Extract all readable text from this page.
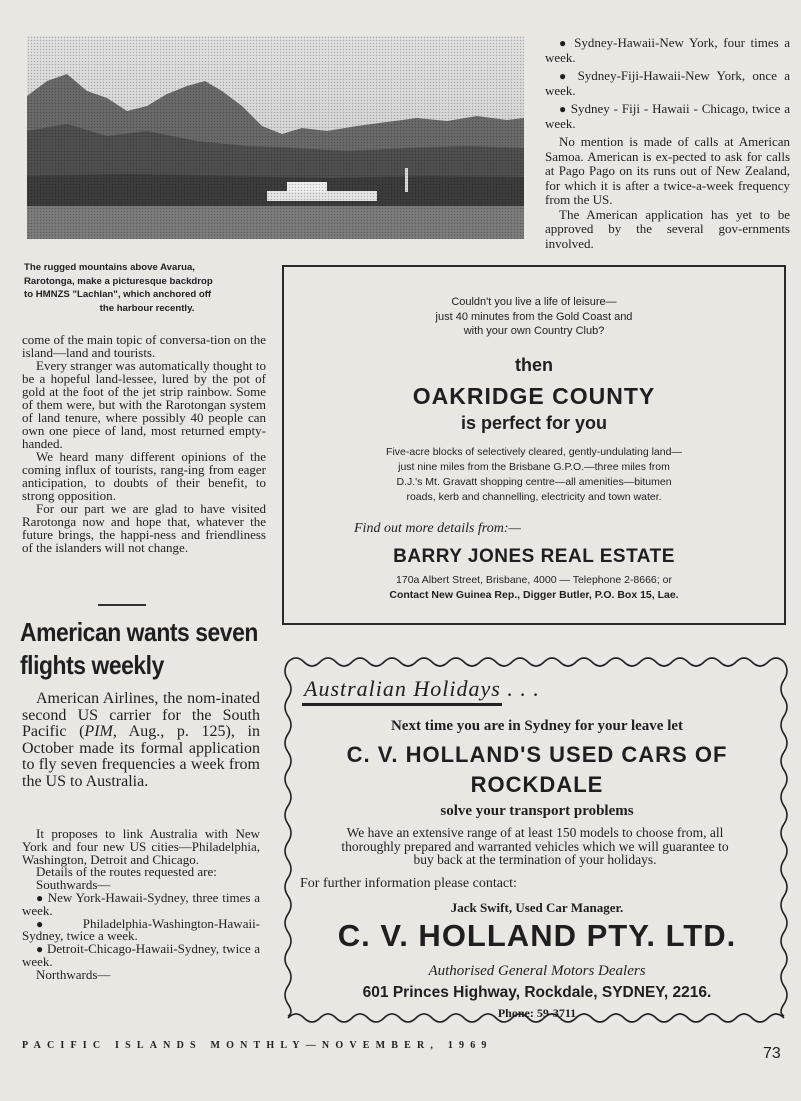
The rugged mountains above Avarua,
Rarotonga, make a picturesque backdrop
to HMNZS "Lachlan", which anchored off
the harbour recently.

come of the main topic of conversa-tion on the island—land and tourists.

Every stranger was automatically thought to be a hopeful land-lessee, lured by the pot of gold at the foot of the jet strip rainbow. Some of them were, but with the Rarotongan system of land tenure, where possibly 40 people can own one piece of land, most returned empty-handed.

We heard many different opinions of the coming influx of tourists, rang-ing from eager anticipation, to doubts of their benefit, to strong opposition.

For our part we are glad to have visited Rarotonga now and hope that, whatever the future brings, the happi-ness and friendliness of the islanders will not change.

American wants seven
flights weekly

American Airlines, the nom-inated second US carrier for the South Pacific (PIM, Aug., p. 125), in October made its formal application to fly seven frequencies a week from the US to Australia.

It proposes to link Australia with New York and four new US cities—Philadelphia, Washington, Detroit and Chicago.

Details of the routes requested are:

Southwards—

● New York-Hawaii-Sydney, three times a week.

● Philadelphia-Washington-Hawaii-Sydney, twice a week.

● Detroit-Chicago-Hawaii-Sydney, twice a week.

Northwards—

● Sydney-Hawaii-New York, four times a week.

● Sydney-Fiji-Hawaii-New York, once a week.

● Sydney - Fiji - Hawaii - Chicago, twice a week.

No mention is made of calls at American Samoa. American is ex-pected to ask for calls at Pago Pago on its runs out of New Zealand, for which it is after a twice-a-week frequency from the US.

The American application has yet to be approved by the several gov-ernments involved.

Couldn't you live a life of leisure—
just 40 minutes from the Gold Coast and
with your own Country Club?
then
OAKRIDGE COUNTY
is perfect for you
Five-acre blocks of selectively cleared, gently-undulating land—
just nine miles from the Brisbane G.P.O.—three miles from
D.J.'s Mt. Gravatt shopping centre—all amenities—bitumen
roads, kerb and channelling, electricity and town water.
Find out more details from:—
BARRY JONES REAL ESTATE
170a Albert Street, Brisbane, 4000 — Telephone 2-8666; or
Contact New Guinea Rep., Digger Butler, P.O. Box 15, Lae.
Australian Holidays . . .
Next time you are in Sydney for your leave let
C. V. HOLLAND'S USED CARS OF
ROCKDALE
solve your transport problems
We have an extensive range of at least 150 models to choose from, all
thoroughly prepared and warranted vehicles which we will guarantee to
buy back at the termination of your holidays.
For further information please contact:
Jack Swift, Used Car Manager.
C. V. HOLLAND PTY. LTD.
Authorised General Motors Dealers
601 Princes Highway, Rockdale, SYDNEY, 2216.
Phone: 59-3711
PACIFIC ISLANDS MONTHLY—NOVEMBER, 1969	73
